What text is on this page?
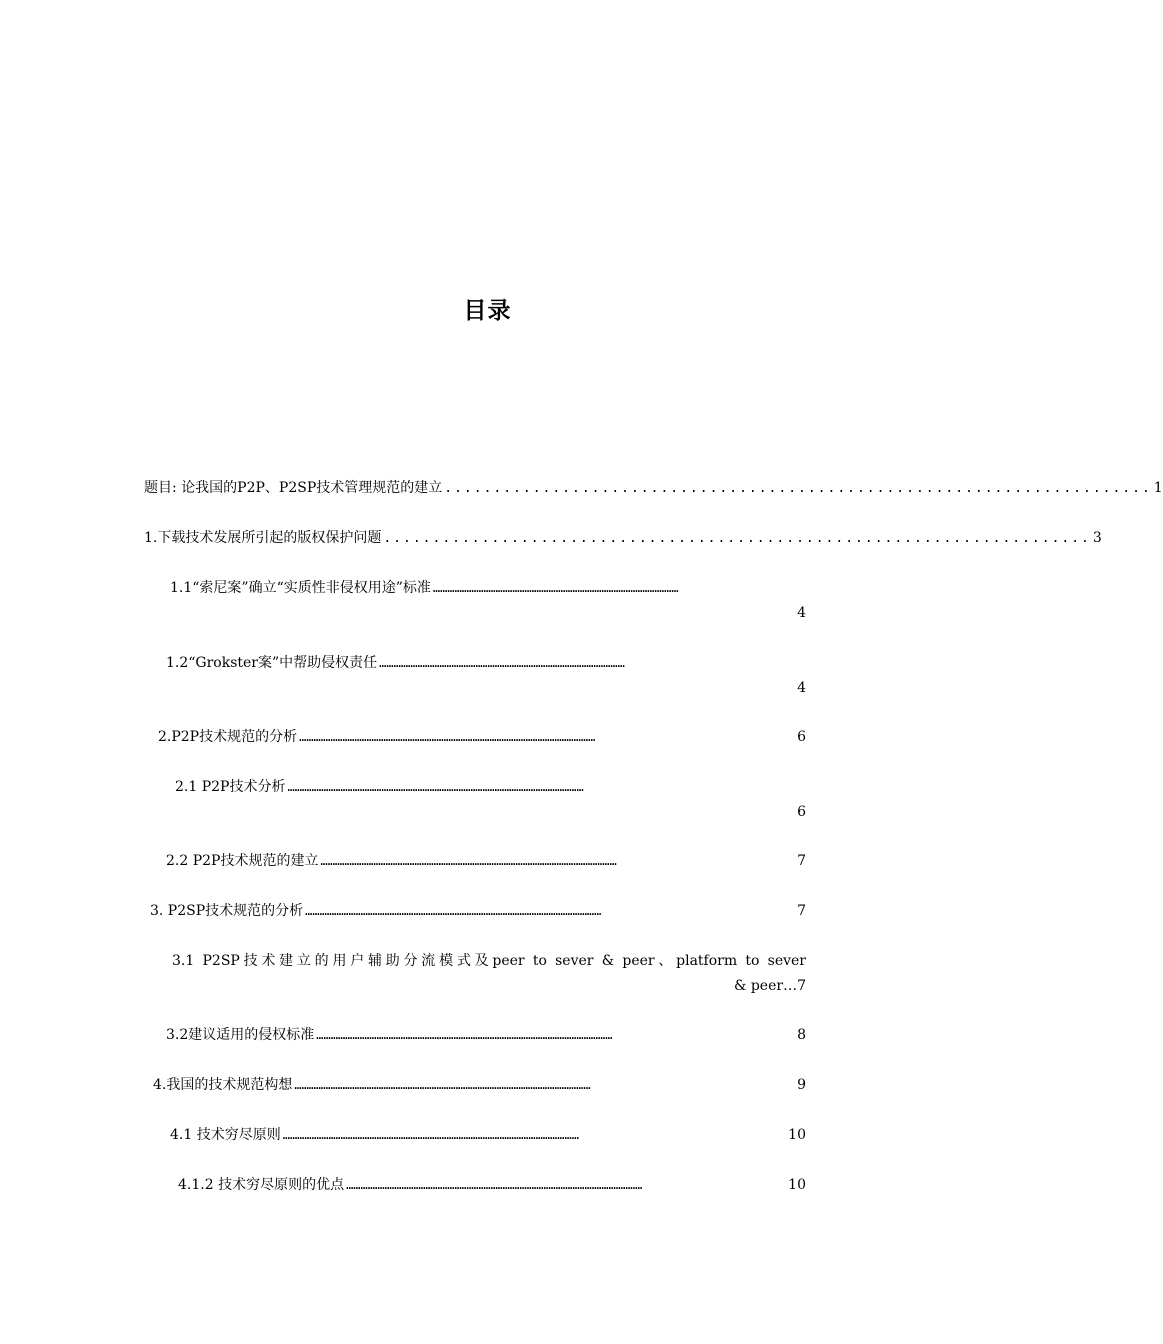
目录
题目: 论我国的P2P、P2SP技术管理规范的建立 ........................................................................ 1
1.下载技术发展所引起的版权保护问题 ........................................................................ 3
1.1“索尼案”确立“实质性非侵权用途”标准 …………………………………………………………………………………………
4
1.2“Grokster案”中帮助侵权责任 …………………………………………………………………………………………
4
2.P2P技术规范的分析 ……………………………………………………………………………………………………………	6
2.1 P2P技术分析 ……………………………………………………………………………………………………………
6
2.2 P2P技术规范的建立 ……………………………………………………………………………………………………………	7
3. P2SP技术规范的分析 ……………………………………………………………………………………………………………	7
3.1 P2SP技术建立的用户辅助分流模式及peer to sever & peer、platform to sever
& peer…7
3.2建议适用的侵权标准 ……………………………………………………………………………………………………………	8
4.我国的技术规范构想 ……………………………………………………………………………………………………………	9
4.1 技术穷尽原则 ……………………………………………………………………………………………………………	10
4.1.2 技术穷尽原则的优点 ……………………………………………………………………………………………………………	10
